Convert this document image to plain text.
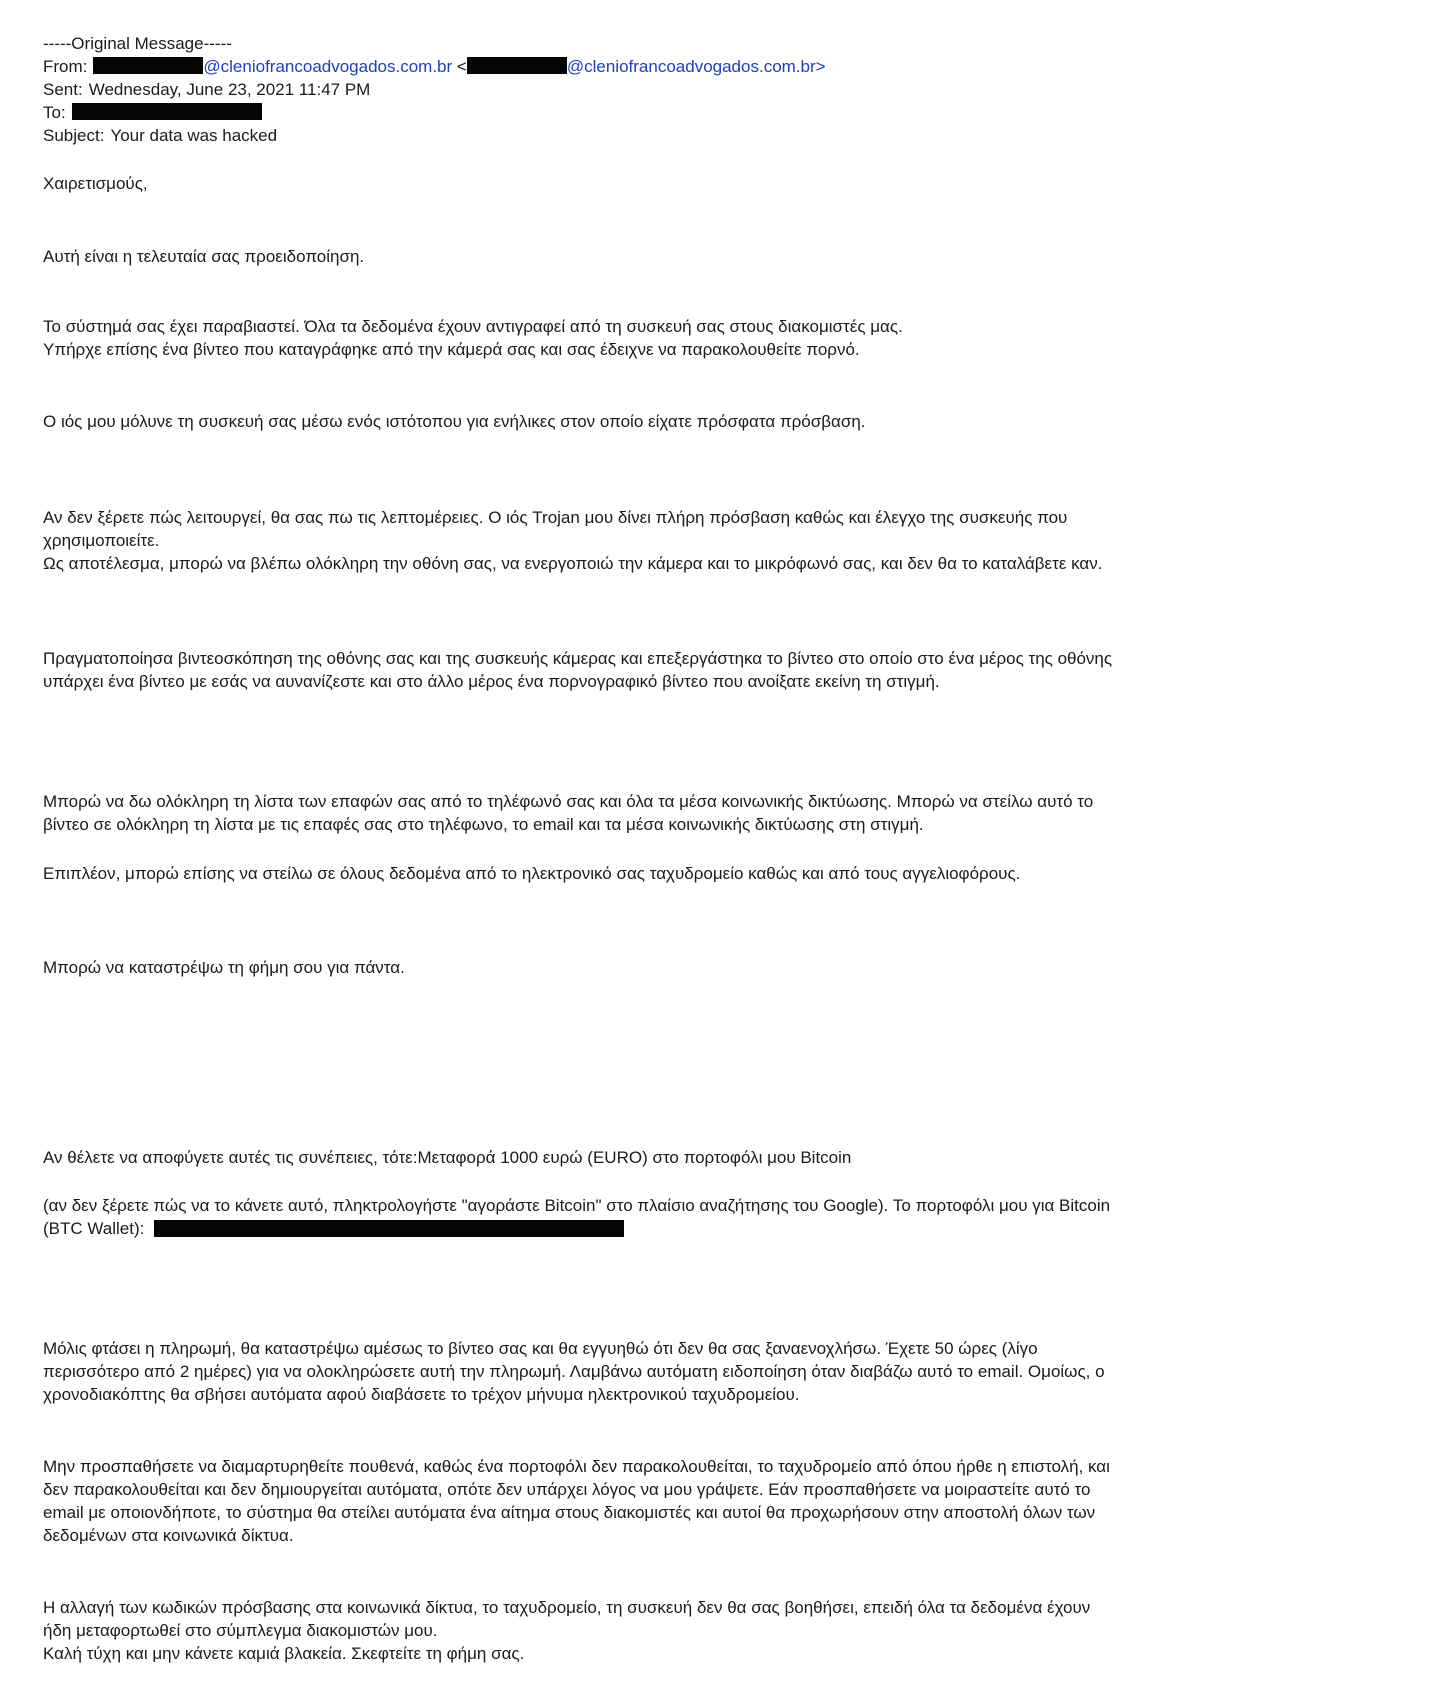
-----Original Message-----
From:	@cleniofrancoadvogados.com.br <	@cleniofrancoadvogados.com.br>
Sent: Wednesday, June 23, 2021 11:47 PM
To:
Subject: Your data was hacked

Χαιρετισμούς,

Αυτή είναι η τελευταία σας προειδοποίηση.

Το σύστημά σας έχει παραβιαστεί. Όλα τα δεδομένα έχουν αντιγραφεί από τη συσκευή σας στους διακομιστές μας.

Υπήρχε επίσης ένα βίντεο που καταγράφηκε από την κάμερά σας και σας έδειχνε να παρακολουθείτε πορνό.

Ο ιός μου μόλυνε τη συσκευή σας μέσω ενός ιστότοπου για ενήλικες στον οποίο είχατε πρόσφατα πρόσβαση.

Αν δεν ξέρετε πώς λειτουργεί, θα σας πω τις λεπτομέρειες. Ο ιός Trojan μου δίνει πλήρη πρόσβαση καθώς και έλεγχο της συσκευής που

χρησιμοποιείτε.

Ως αποτέλεσμα, μπορώ να βλέπω ολόκληρη την οθόνη σας, να ενεργοποιώ την κάμερα και το μικρόφωνό σας, και δεν θα το καταλάβετε καν.

Πραγματοποίησα βιντεοσκόπηση της οθόνης σας και της συσκευής κάμερας και επεξεργάστηκα το βίντεο στο οποίο στο ένα μέρος της οθόνης

υπάρχει ένα βίντεο με εσάς να αυνανίζεστε και στο άλλο μέρος ένα πορνογραφικό βίντεο που ανοίξατε εκείνη τη στιγμή.

Μπορώ να δω ολόκληρη τη λίστα των επαφών σας από το τηλέφωνό σας και όλα τα μέσα κοινωνικής δικτύωσης. Μπορώ να στείλω αυτό το

βίντεο σε ολόκληρη τη λίστα με τις επαφές σας στο τηλέφωνο, το email και τα μέσα κοινωνικής δικτύωσης στη στιγμή.

Επιπλέον, μπορώ επίσης να στείλω σε όλους δεδομένα από το ηλεκτρονικό σας ταχυδρομείο καθώς και από τους αγγελιοφόρους.

Μπορώ να καταστρέψω τη φήμη σου για πάντα.

Αν θέλετε να αποφύγετε αυτές τις συνέπειες, τότε:Μεταφορά 1000 ευρώ (EURO) στο πορτοφόλι μου Bitcoin

(αν δεν ξέρετε πώς να το κάνετε αυτό, πληκτρολογήστε "αγοράστε Bitcoin" στο πλαίσιο αναζήτησης του Google). Το πορτοφόλι μου για Bitcoin

(BTC Wallet):

Μόλις φτάσει η πληρωμή, θα καταστρέψω αμέσως το βίντεο σας και θα εγγυηθώ ότι δεν θα σας ξαναενοχλήσω. Έχετε 50 ώρες (λίγο

περισσότερο από 2 ημέρες) για να ολοκληρώσετε αυτή την πληρωμή. Λαμβάνω αυτόματη ειδοποίηση όταν διαβάζω αυτό το email. Ομοίως, ο

χρονοδιακόπτης θα σβήσει αυτόματα αφού διαβάσετε το τρέχον μήνυμα ηλεκτρονικού ταχυδρομείου.

Μην προσπαθήσετε να διαμαρτυρηθείτε πουθενά, καθώς ένα πορτοφόλι δεν παρακολουθείται, το ταχυδρομείο από όπου ήρθε η επιστολή, και

δεν παρακολουθείται και δεν δημιουργείται αυτόματα, οπότε δεν υπάρχει λόγος να μου γράψετε. Εάν προσπαθήσετε να μοιραστείτε αυτό το

email με οποιονδήποτε, το σύστημα θα στείλει αυτόματα ένα αίτημα στους διακομιστές και αυτοί θα προχωρήσουν στην αποστολή όλων των

δεδομένων στα κοινωνικά δίκτυα.

Η αλλαγή των κωδικών πρόσβασης στα κοινωνικά δίκτυα, το ταχυδρομείο, τη συσκευή δεν θα σας βοηθήσει, επειδή όλα τα δεδομένα έχουν

ήδη μεταφορτωθεί στο σύμπλεγμα διακομιστών μου.

Καλή τύχη και μην κάνετε καμιά βλακεία. Σκεφτείτε τη φήμη σας.
